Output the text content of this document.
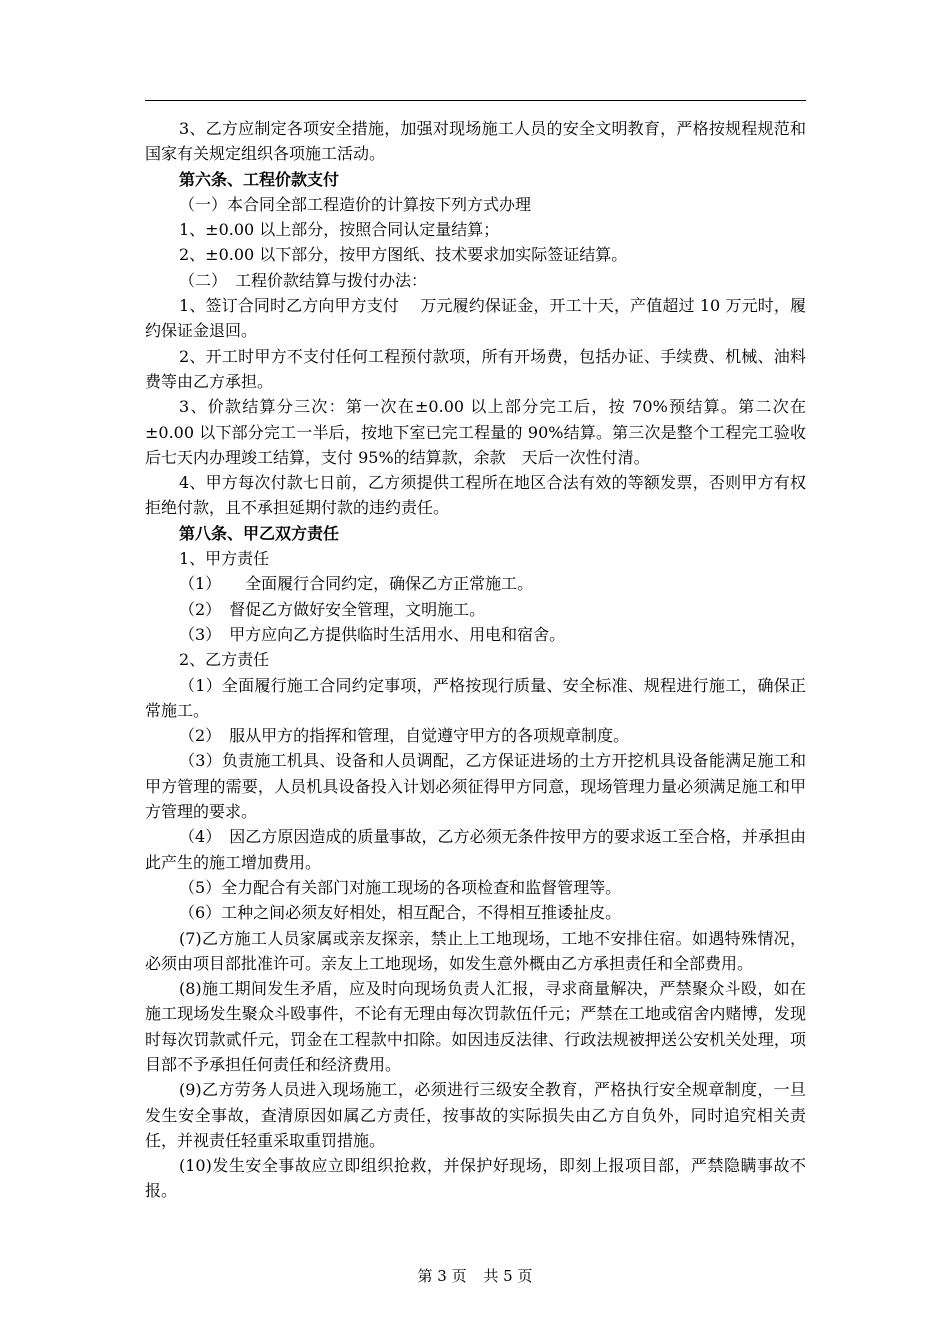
3、乙方应制定各项安全措施，加强对现场施工人员的安全文明教育，严格按规程规范和国家有关规定组织各项施工活动。

第六条、工程价款支付

（一）本合同全部工程造价的计算按下列方式办理

1、±0.00 以上部分，按照合同认定量结算；

2、±0.00 以下部分，按甲方图纸、技术要求加实际签证结算。

（二）　工程价款结算与拨付办法：

1、签订合同时乙方向甲方支付　 万元履约保证金，开工十天，产值超过 10 万元时，履约保证金退回。

2、开工时甲方不支付任何工程预付款项，所有开场费，包括办证、手续费、机械、油料费等由乙方承担。

3、价款结算分三次：第一次在±0.00 以上部分完工后，按 70%预结算。第二次在±0.00 以下部分完工一半后，按地下室已完工程量的 90%结算。第三次是整个工程完工验收后七天内办理竣工结算，支付 95%的结算款，余款　天后一次性付清。

4、甲方每次付款七日前，乙方须提供工程所在地区合法有效的等额发票，否则甲方有权拒绝付款，且不承担延期付款的违约责任。

第八条、甲乙双方责任

1、甲方责任

（1）　　全面履行合同约定，确保乙方正常施工。

（2）　督促乙方做好安全管理，文明施工。

（3）　甲方应向乙方提供临时生活用水、用电和宿舍。

2、乙方责任

（1）全面履行施工合同约定事项，严格按现行质量、安全标准、规程进行施工，确保正常施工。

（2）　服从甲方的指挥和管理，自觉遵守甲方的各项规章制度。

（3）负责施工机具、设备和人员调配，乙方保证进场的土方开挖机具设备能满足施工和甲方管理的需要，人员机具设备投入计划必须征得甲方同意，现场管理力量必须满足施工和甲方管理的要求。

（4）　因乙方原因造成的质量事故，乙方必须无条件按甲方的要求返工至合格，并承担由此产生的施工增加费用。

（5）全力配合有关部门对施工现场的各项检查和监督管理等。

（6）工种之间必须友好相处，相互配合，不得相互推诿扯皮。

(7)乙方施工人员家属或亲友探亲，禁止上工地现场，工地不安排住宿。如遇特殊情况，必须由项目部批准许可。亲友上工地现场，如发生意外概由乙方承担责任和全部费用。

(8)施工期间发生矛盾，应及时向现场负责人汇报，寻求商量解决，严禁聚众斗殴，如在施工现场发生聚众斗殴事件，不论有无理由每次罚款伍仟元；严禁在工地或宿舍内赌博，发现时每次罚款贰仟元，罚金在工程款中扣除。如因违反法律、行政法规被押送公安机关处理，项目部不予承担任何责任和经济费用。

(9)乙方劳务人员进入现场施工，必须进行三级安全教育，严格执行安全规章制度，一旦发生安全事故，查清原因如属乙方责任，按事故的实际损失由乙方自负外，同时追究相关责任，并视责任轻重采取重罚措施。

(10)发生安全事故应立即组织抢救，并保护好现场，即刻上报项目部，严禁隐瞒事故不报。

第 3 页 共 5 页
